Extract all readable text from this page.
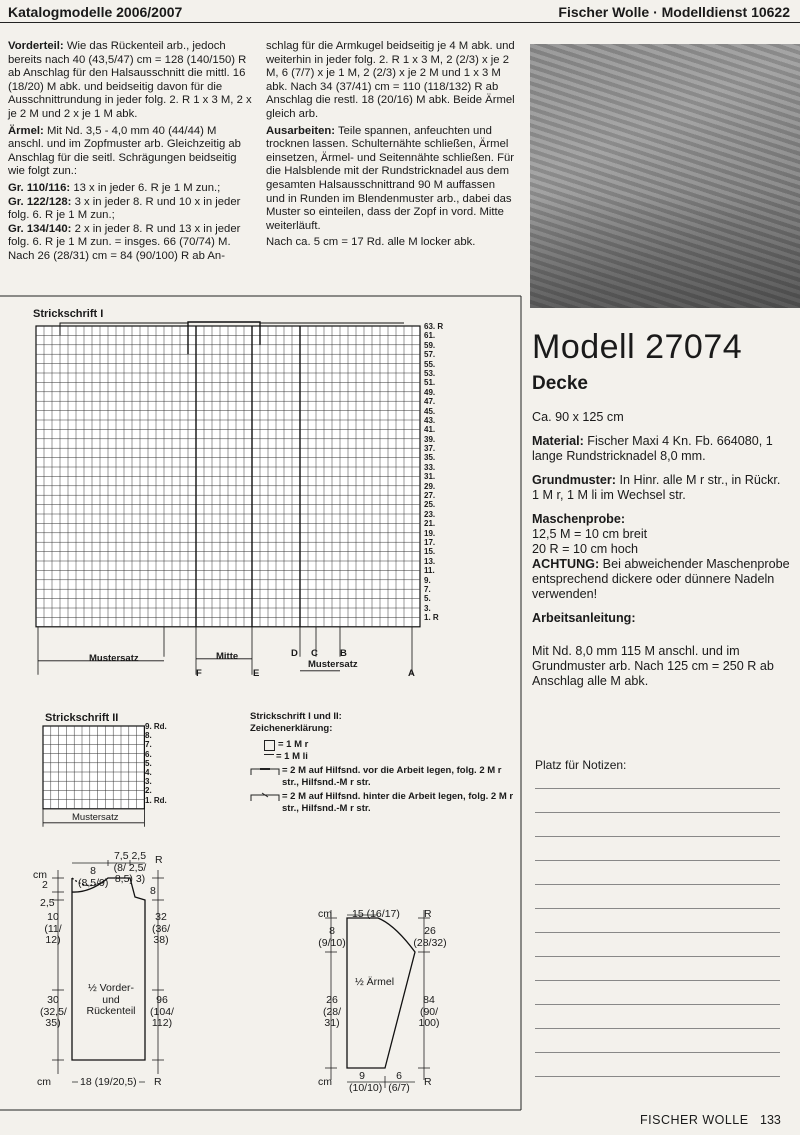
Katalogmodelle 2006/2007	Fischer Wolle · Modelldienst 10622

Vorderteil: Wie das Rückenteil arb., jedoch bereits nach 40 (43,5/47) cm = 128 (140/150) R ab Anschlag für den Halsausschnitt die mittl. 16 (18/20) M abk. und beidseitig davon für die Ausschnittrundung in jeder folg. 2. R 1 x 3 M, 2 x je 2 M und 2 x je 1 M abk.

Ärmel: Mit Nd. 3,5 - 4,0 mm 40 (44/44) M anschl. und im Zopfmuster arb. Gleichzeitig ab Anschlag für die seitl. Schrägungen beidseitig wie folgt zun.:

Gr. 110/116: 13 x in jeder 6. R je 1 M zun.;

Gr. 122/128: 3 x in jeder 8. R und 10 x in jeder folg. 6. R je 1 M zun.;

Gr. 134/140: 2 x in jeder 8. R und 13 x in jeder folg. 6. R je 1 M zun. = insges. 66 (70/74) M.

Nach 26 (28/31) cm = 84 (90/100) R ab An-

schlag für die Armkugel beidseitig je 4 M abk. und weiterhin in jeder folg. 2. R 1 x 3 M, 2 (2/3) x je 2 M, 6 (7/7) x je 1 M, 2 (2/3) x je 2 M und 1 x 3 M abk. Nach 34 (37/41) cm = 110 (118/132) R ab Anschlag die restl. 18 (20/16) M abk. Beide Ärmel gleich arb.

Ausarbeiten: Teile spannen, anfeuchten und trocknen lassen. Schulternähte schließen, Ärmel einsetzen, Ärmel- und Seitennähte schließen. Für die Halsblende mit der Rundstricknadel aus dem gesamten Halsausschnittrand 90 M auffassen und in Runden im Blendenmuster arb., dabei das Muster so einteilen, dass der Zopf in vord. Mitte weiterläuft.

Nach ca. 5 cm = 17 Rd. alle M locker abk.

Strickschrift I
63. R
61.
59.
57.
55.
53.
51.
49.
47.
45.
43.
41.
39.
37.
35.
33.
31.
29.
27.
25.
23.
21.
19.
17.
15.
13.
11.
9.
7.
5.
3.
1. R
Mustersatz	Mitte
Mustersatz
F	E
D C B
A
Strickschrift II
9. Rd.
8.
7.
6.
5.
4.
3.
2.
1. Rd.
Mustersatz
Strickschrift I und II:
Zeichenerklärung:
= 1 M r
= 1 M li
= 2 M auf Hilfsnd. vor die Arbeit legen, folg. 2 M r str., Hilfsnd.-M r str.
= 2 M auf Hilfsnd. hinter die Arbeit legen, folg. 2 M r str., Hilfsnd.-M r str.
cm
R
8 (8,5/9)
7,5 2,5 (8/ 2,5/ 8,5) 3)
2
2,5
10 (11/ 12)
30 (32,5/ 35)
8
32 (36/ 38)
96 (104/ 112)
½ Vorder- und Rückenteil
cm	18 (19/20,5) R
cm 15 (16/17) R
8 (9/10)
26 (28/ 31)
26 (28/32)
84 (90/ 100)
½ Ärmel
cm	9 (10/10)
6 (6/7) R
Modell 27074
Decke

Ca. 90 x 125 cm

Material: Fischer Maxi 4 Kn. Fb. 664080, 1 lange Rundstricknadel 8,0 mm.

Grundmuster: In Hinr. alle M r str., in Rückr. 1 M r, 1 M li im Wechsel str.

Maschenprobe:

12,5 M = 10 cm breit

20 R = 10 cm hoch

ACHTUNG: Bei abweichender Maschenprobe entsprechend dickere oder dünnere Nadeln verwenden!

Arbeitsanleitung:

Mit Nd. 8,0 mm 115 M anschl. und im Grundmuster arb. Nach 125 cm = 250 R ab Anschlag alle M abk.

Platz für Notizen:
FISCHER WOLLE 133
